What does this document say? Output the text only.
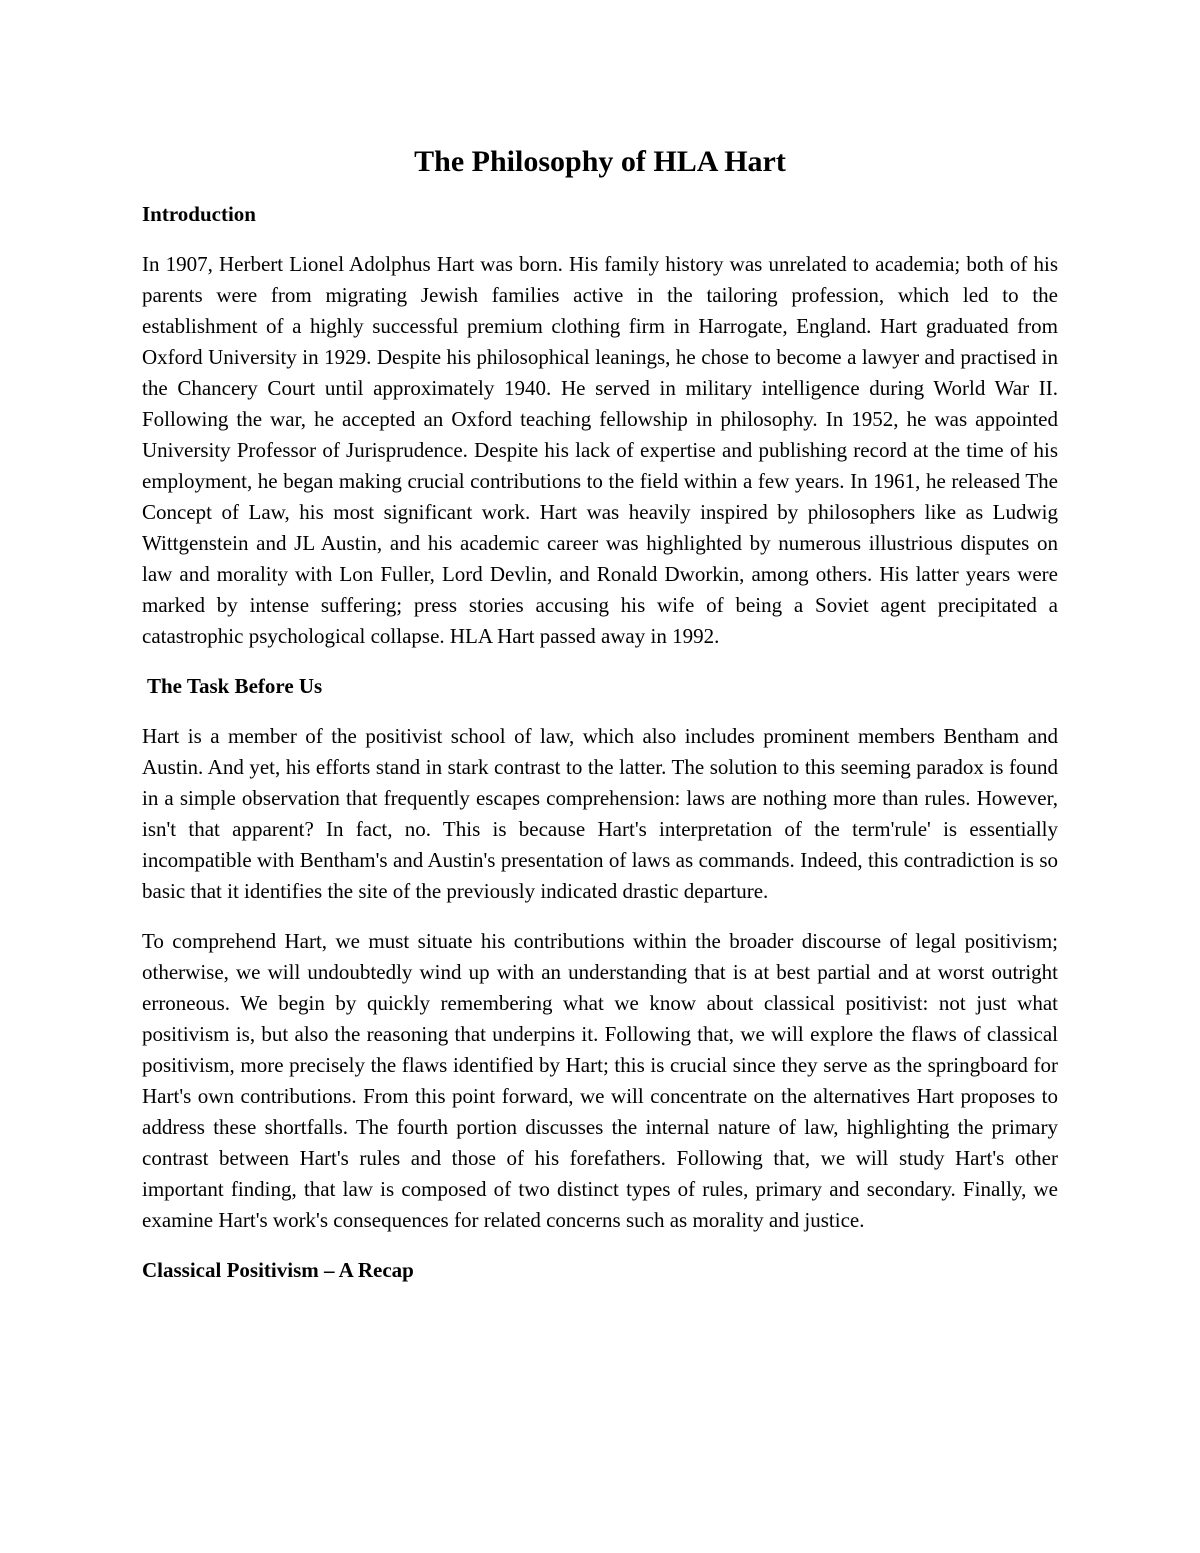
The Philosophy of HLA Hart
Introduction

In 1907, Herbert Lionel Adolphus Hart was born. His family history was unrelated to academia; both of his parents were from migrating Jewish families active in the tailoring profession, which led to the establishment of a highly successful premium clothing firm in Harrogate, England. Hart graduated from Oxford University in 1929. Despite his philosophical leanings, he chose to become a lawyer and practised in the Chancery Court until approximately 1940. He served in military intelligence during World War II. Following the war, he accepted an Oxford teaching fellowship in philosophy. In 1952, he was appointed University Professor of Jurisprudence. Despite his lack of expertise and publishing record at the time of his employment, he began making crucial contributions to the field within a few years. In 1961, he released The Concept of Law, his most significant work. Hart was heavily inspired by philosophers like as Ludwig Wittgenstein and JL Austin, and his academic career was highlighted by numerous illustrious disputes on law and morality with Lon Fuller, Lord Devlin, and Ronald Dworkin, among others. His latter years were marked by intense suffering; press stories accusing his wife of being a Soviet agent precipitated a catastrophic psychological collapse. HLA Hart passed away in 1992.

The Task Before Us

Hart is a member of the positivist school of law, which also includes prominent members Bentham and Austin. And yet, his efforts stand in stark contrast to the latter. The solution to this seeming paradox is found in a simple observation that frequently escapes comprehension: laws are nothing more than rules. However, isn't that apparent? In fact, no. This is because Hart's interpretation of the term'rule' is essentially incompatible with Bentham's and Austin's presentation of laws as commands. Indeed, this contradiction is so basic that it identifies the site of the previously indicated drastic departure.

To comprehend Hart, we must situate his contributions within the broader discourse of legal positivism; otherwise, we will undoubtedly wind up with an understanding that is at best partial and at worst outright erroneous. We begin by quickly remembering what we know about classical positivist: not just what positivism is, but also the reasoning that underpins it. Following that, we will explore the flaws of classical positivism, more precisely the flaws identified by Hart; this is crucial since they serve as the springboard for Hart's own contributions. From this point forward, we will concentrate on the alternatives Hart proposes to address these shortfalls. The fourth portion discusses the internal nature of law, highlighting the primary contrast between Hart's rules and those of his forefathers. Following that, we will study Hart's other important finding, that law is composed of two distinct types of rules, primary and secondary. Finally, we examine Hart's work's consequences for related concerns such as morality and justice.

Classical Positivism – A Recap
